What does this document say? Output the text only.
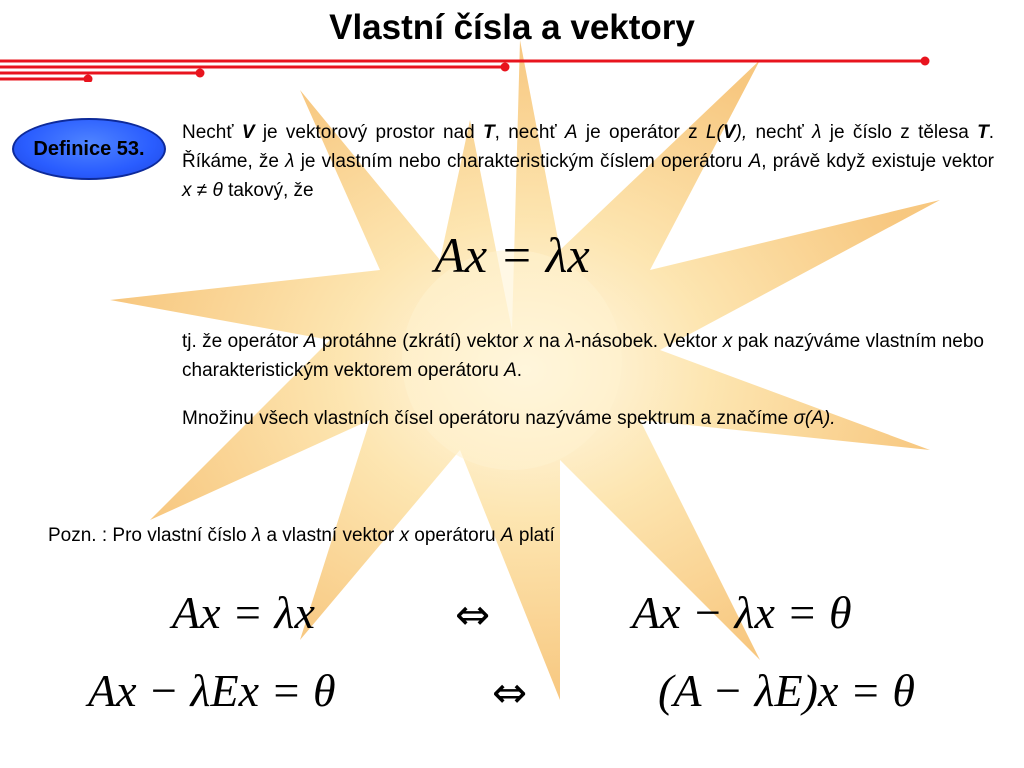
Vlastní čísla a vektory
Definice 53.
Nechť V je vektorový prostor nad T, nechť A je operátor z L(V), nechť λ je číslo z tělesa T. Říkáme, že λ je vlastním nebo charakteristickým číslem operátoru A, právě když existuje vektor x ≠ θ takový, že
Ax = λx
tj. že operátor A protáhne (zkrátí) vektor x na λ-násobek. Vektor x pak nazýváme vlastním nebo charakteristickým vektorem operátoru A.
Množinu všech vlastních čísel operátoru nazýváme spektrum a značíme σ(A).
Pozn. : Pro vlastní číslo λ a vlastní vektor x operátoru A platí
Ax = λx	⇔	Ax − λx = θ
Ax − λEx = θ	⇔	(A − λE)x = θ
